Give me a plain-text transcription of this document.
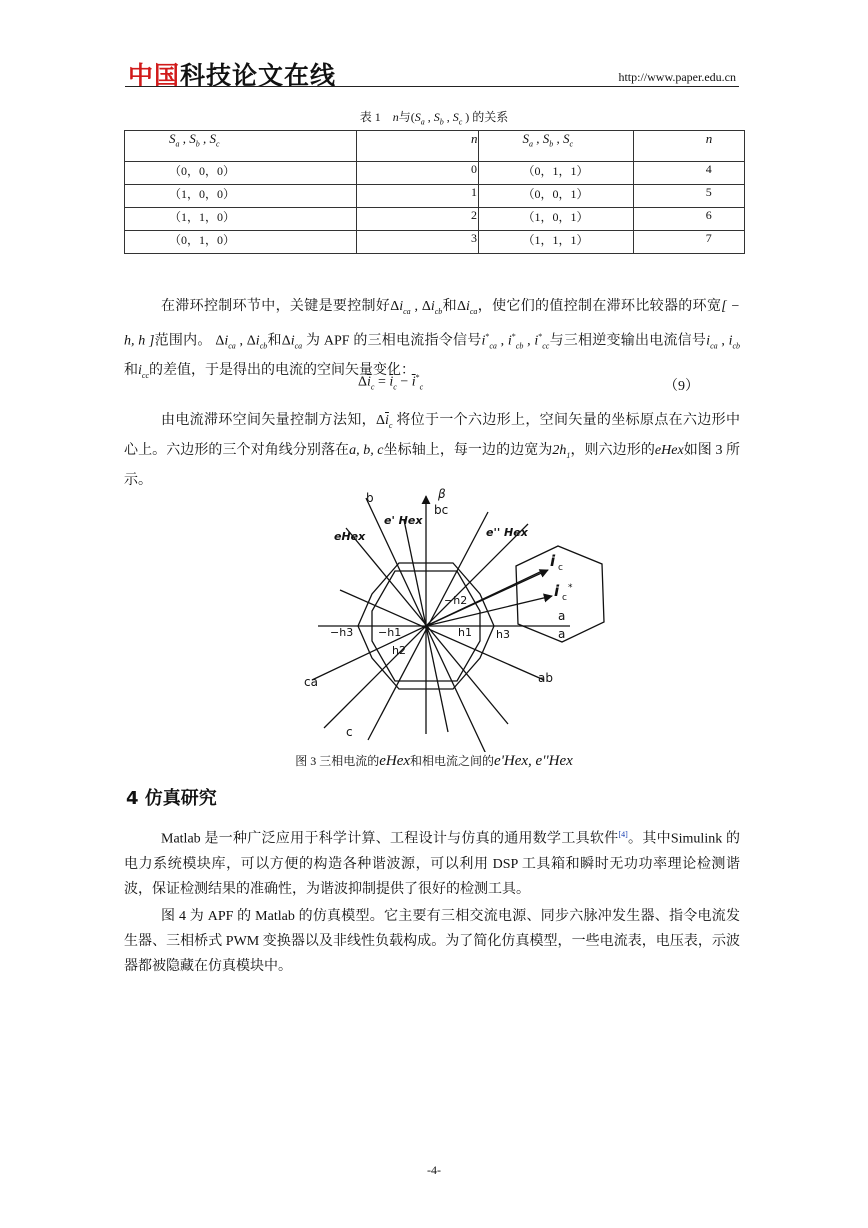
中国科技论文在线	http://www.paper.edu.cn
表 1 n与($S_a$ , $S_b$ , $S_c$ ) 的关系
$S_a$ , $S_b$ , $S_c$	n	$S_a$ , $S_b$ , $S_c$	n
（0，0，0）	0	（0，1，1）	4
（1，0，0）	1	（0，0，1）	5
（1，1，0）	2	（1，0，1）	6
（0，1，0）	3	（1，1，1）	7
在滞环控制环节中，关键是要控制好$\Delta i_{ca}$ , $\Delta i_{cb}$和$\Delta i_{ca}$，使它们的值控制在滞环比较器的环宽[ − h, h ]范围内。 $\Delta i_{ca}$ , $\Delta i_{cb}$和$\Delta i_{ca}$ 为 APF 的三相电流指令信号$i^*_{ca}$ , $i^*_{cb}$ , $i^*_{cc}$与三相逆变输出电流信号$i_{ca}$ , $i_{cb}$和$i_{cc}$的差值，于是得出的电流的空间矢量变化：
$\Delta\overline{i}_c = \overline{i}_c - \overline{i}^*_c$	（9）
由电流滞环空间矢量控制方法知，$\Delta\overline{i}_c$ 将位于一个六边形上，空间矢量的坐标原点在六边形中心上。六边形的三个对角线分别落在a, b, c坐标轴上，每一边的边宽为$2h_1$，则六边形的eHex如图 3 所示。
b	β
bc
e' Hex
eHex	e'' Hex
i c
i c
*
a
a
−h3 −h1	h1 h3
−h2
h2
ca	ab
c
图 3 三相电流的eHex和相电流之间的e'Hex, e''Hex
4 仿真研究
Matlab 是一种广泛应用于科学计算、工程设计与仿真的通用数学工具软件[4]。其中Simulink 的电力系统模块库，可以方便的构造各种谐波源，可以利用 DSP 工具箱和瞬时无功功率理论检测谐波，保证检测结果的准确性，为谐波抑制提供了很好的检测工具。
图 4 为 APF 的 Matlab 的仿真模型。它主要有三相交流电源、同步六脉冲发生器、指令电流发生器、三相桥式 PWM 变换器以及非线性负载构成。为了简化仿真模型，一些电流表，电压表，示波器都被隐藏在仿真模块中。
-4-
